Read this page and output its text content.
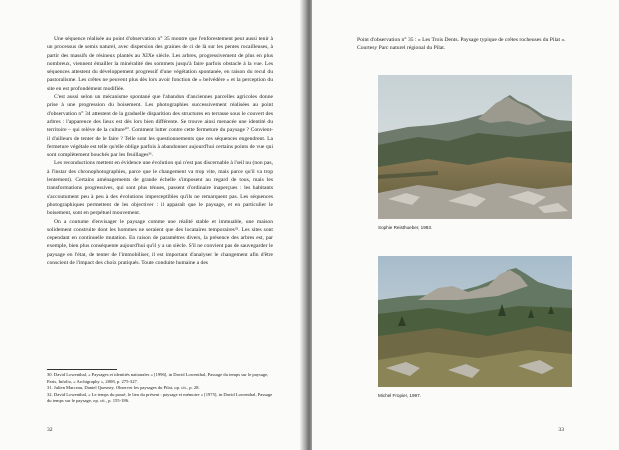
Une séquence réalisée au point d'observation n° 35 montre que l'enforestement peut aussi tenir à un processus de semis naturel, avec dispersion des graines de ci de là sur les pentes rocailleuses, à partir des massifs de résineux plantés au XIXe siècle. Les arbres, progressivement de plus en plus nombreux, viennent émailler la minéralité des sommets jusqu'à faire parfois obstacle à la vue. Les séquences attestent du développement progressif d'une végétation spontanée, en raison du recul du pastoralisme. Les crêtes ne peuvent plus dès lors avoir fonction de « belvédère » et la perception du site en est profondément modifiée.

C'est aussi selon un mécanisme spontané que l'abandon d'anciennes parcelles agricoles donne prise à une progression du boisement. Les photographies successivement réalisées au point d'observation n° 34 attestent de la graduelle disparition des structures en terrasse sous le couvert des arbres : l'apparence des lieux est dès lors bien différente. Se trouve ainsi menacée une identité du territoire – qui relève de la culture³⁰. Comment lutter contre cette fermeture du paysage ? Convient-il d'ailleurs de tenter de le faire ? Telle sont les questionnements que ces séquences engendrent. La fermeture végétale est telle qu'elle oblige parfois à abandonner aujourd'hui certains points de vue qui sont complètement bouchés par les feuillages³¹.

Les reconductions mettent en évidence une évolution qui n'est pas discernable à l'œil nu (non pas, à l'instar des chronophotographies, parce que le changement va trop vite, mais parce qu'il va trop lentement). Certains aménagements de grande échelle s'imposent au regard de tous, mais les transformations progressives, qui sont plus ténues, passent d'ordinaire inaperçues : les habitants s'accoutument peu à peu à des évolutions imperceptibles qu'ils ne remarquent pas. Les séquences photographiques permettent de les objectiver : il apparaît que le paysage, et en particulier le boisement, sont en perpétuel mouvement.

On a coutume d'envisager le paysage comme une réalité stable et immuable, une maison solidement construite dont les hommes ne seraient que des locataires temporaires³². Les sites sont cependant en continuelle mutation. En raison de paramètres divers, la présence des arbres est, par exemple, bien plus conséquente aujourd'hui qu'il y a un siècle. S'il ne convient pas de sauvegarder le paysage en l'état, de tenter de l'immobiliser, il est important d'analyser le changement afin d'être conscient de l'impact des choix pratiqués. Toute conduite humaine a des

30. David Lowenthal, « Paysages et identités nationales » [1996], in David Lowenthal, Passage du temps sur le paysage, Paris, Infolio, « Archigraphy », 2008, p. 275-327.

31. Julien Marceau, Daniel Quesney, Observer les paysages du Pilat, op. cit., p. 28.

32. David Lowenthal, « Le temps du passé, le lieu du présent : paysage et mémoire » [1975], in David Lowenthal, Passage du temps sur le paysage, op. cit., p. 155-186.

32
Point d'observation n° 35 : « Les Trois Dents. Paysage typique de crêtes rocheuses du Pilat ». Courtesy Parc naturel régional du Pilat.
Sophie Reisthueber, 1993.
Michel Fropier, 1997.
33
